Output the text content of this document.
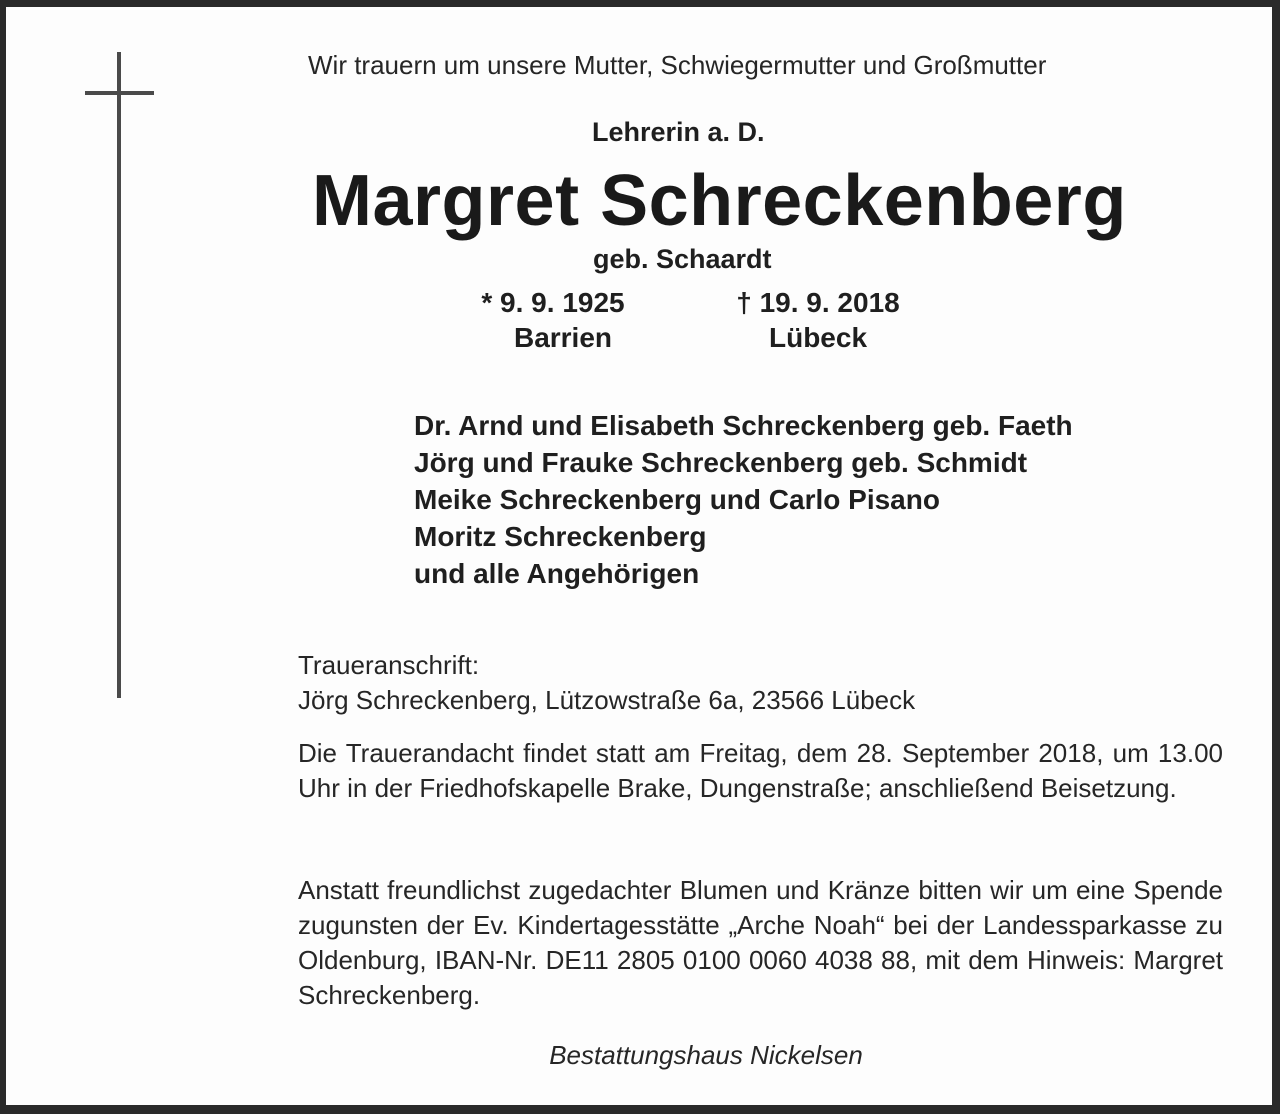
Wir trauern um unsere Mutter, Schwiegermutter und Großmutter
Lehrerin a. D.
Margret Schreckenberg
geb. Schaardt
* 9. 9. 1925	† 19. 9. 2018
Barrien	Lübeck
Dr. Arnd und Elisabeth Schreckenberg geb. Faeth
Jörg und Frauke Schreckenberg geb. Schmidt
Meike Schreckenberg und Carlo Pisano
Moritz Schreckenberg
und alle Angehörigen
Traueranschrift:
Jörg Schreckenberg, Lützowstraße 6a, 23566 Lübeck
Die Trauerandacht findet statt am Freitag, dem 28. September 2018, um 13.00 Uhr in der Friedhofskapelle Brake, Dungenstraße; anschließend Beisetzung.
Anstatt freundlichst zugedachter Blumen und Kränze bitten wir um eine Spende zugunsten der Ev. Kindertagesstätte „Arche Noah“ bei der Landessparkasse zu Oldenburg, IBAN-Nr. DE11 2805 0100 0060 4038 88, mit dem Hinweis: Margret Schreckenberg.
Bestattungshaus Nickelsen
